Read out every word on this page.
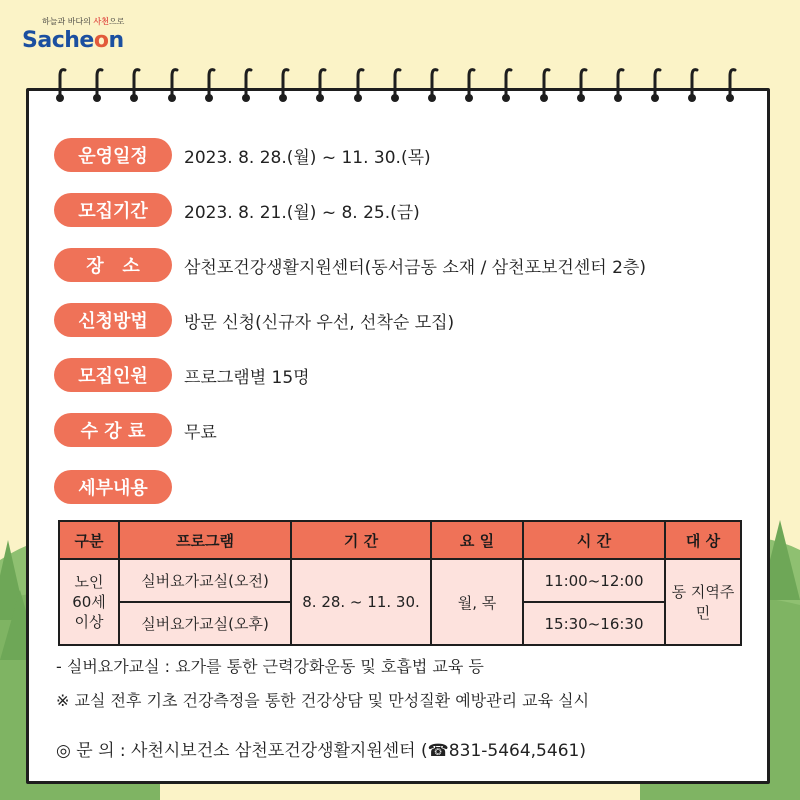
하늘과 바다의 사천으로
Sacheon
운영일정	2023. 8. 28.(월) ~ 11. 30.(목)
모집기간	2023. 8. 21.(월) ~ 8. 25.(금)
장   소	삼천포건강생활지원센터(동서금동 소재 / 삼천포보건센터 2층)
신청방법	방문 신청(신규자 우선, 선착순 모집)
모집인원	프로그램별 15명
수 강 료	무료
세부내용
구분	프로그램	기 간	요 일	시 간	대 상
노인
60세
이상	실버요가교실(오전)	8. 28. ~ 11. 30.	월, 목	11:00~12:00	동 지역주민
	실버요가교실(오후)			15:30~16:30	
- 실버요가교실 : 요가를 통한 근력강화운동 및 호흡법 교육 등
※ 교실 전후 기초 건강측정을 통한 건강상담 및 만성질환 예방관리 교육 실시
◎ 문 의 : 사천시보건소 삼천포건강생활지원센터 (☎831-5464,5461)
